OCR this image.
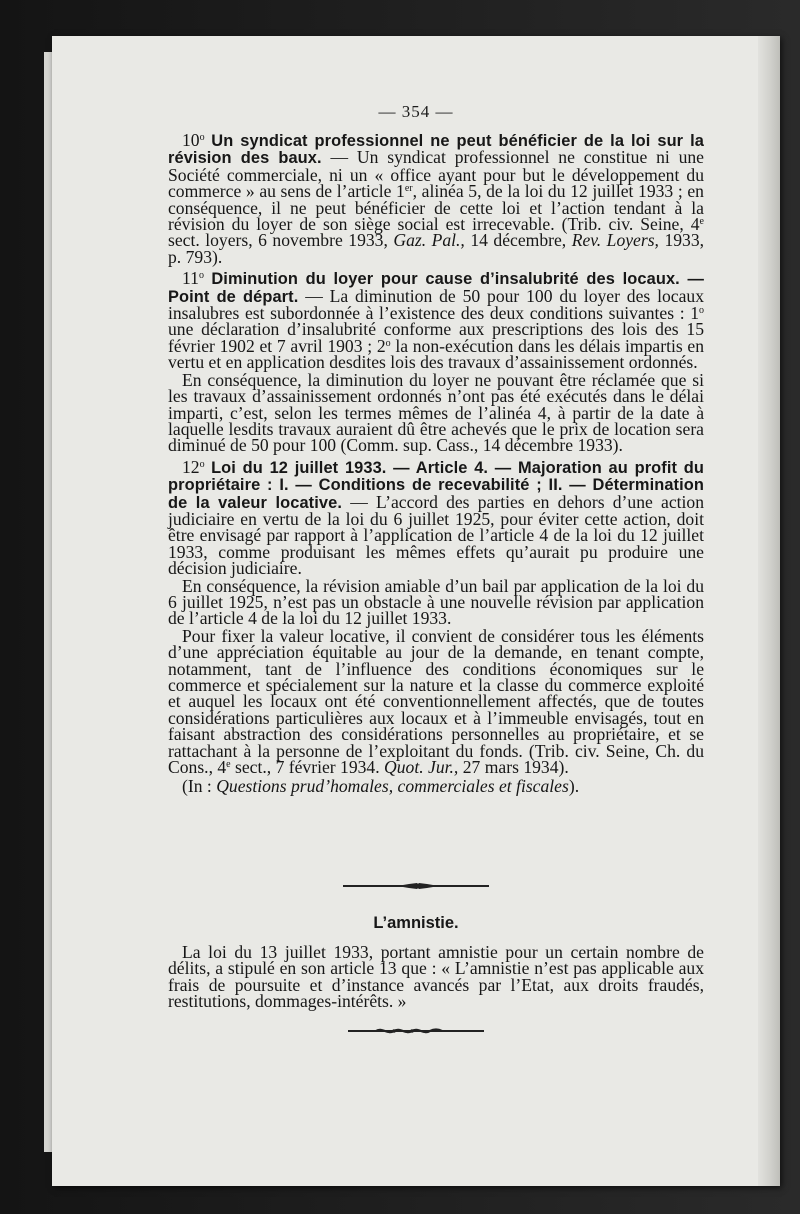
— 354 —

10$^o$ Un syndicat professionnel ne peut bénéficier de la loi sur la révision des baux. — Un syndicat professionnel ne constitue ni une Société commerciale, ni un « office ayant pour but le développement du commerce » au sens de l’article 1er, alinéa 5, de la loi du 12 juillet 1933 ; en conséquence, il ne peut bénéficier de cette loi et l’action tendant à la révision du loyer de son siège social est irrecevable. (Trib. civ. Seine, 4e sect. loyers, 6 novembre 1933, Gaz. Pal., 14 décembre, Rev. Loyers, 1933, p. 793).

11$^o$ Diminution du loyer pour cause d’insalubrité des locaux. — Point de départ. — La diminution de 50 pour 100 du loyer des locaux insalubres est subordonnée à l’existence des deux conditions suivantes : 1$^o$ une déclaration d’insalubrité conforme aux prescriptions des lois des 15 février 1902 et 7 avril 1903 ; 2$^o$ la non-exécution dans les délais impartis en vertu et en application desdites lois des travaux d’assainissement ordonnés.

En conséquence, la diminution du loyer ne pouvant être réclamée que si les travaux d’assainissement ordonnés n’ont pas été exécutés dans le délai imparti, c’est, selon les termes mêmes de l’alinéa 4, à partir de la date à laquelle lesdits travaux auraient dû être achevés que le prix de location sera diminué de 50 pour 100 (Comm. sup. Cass., 14 décembre 1933).

12$^o$ Loi du 12 juillet 1933. — Article 4. — Majoration au profit du propriétaire : I. — Conditions de recevabilité ; II. — Détermination de la valeur locative. — L’accord des parties en dehors d’une action judiciaire en vertu de la loi du 6 juillet 1925, pour éviter cette action, doit être envisagé par rapport à l’application de l’article 4 de la loi du 12 juillet 1933, comme produisant les mêmes effets qu’aurait pu produire une décision judiciaire.

En conséquence, la révision amiable d’un bail par application de la loi du 6 juillet 1925, n’est pas un obstacle à une nouvelle révision par application de l’article 4 de la loi du 12 juillet 1933.

Pour fixer la valeur locative, il convient de considérer tous les éléments d’une appréciation équitable au jour de la demande, en tenant compte, notamment, tant de l’influence des conditions économiques sur le commerce et spécialement sur la nature et la classe du commerce exploité et auquel les locaux ont été conventionnellement affectés, que de toutes considérations particulières aux locaux et à l’immeuble envisagés, tout en faisant abstraction des considérations personnelles au propriétaire, et se rattachant à la personne de l’exploitant du fonds. (Trib. civ. Seine, Ch. du Cons., 4e sect., 7 février 1934. Quot. Jur., 27 mars 1934).

(In : Questions prud’homales, commerciales et fiscales).

L’amnistie.

La loi du 13 juillet 1933, portant amnistie pour un certain nombre de délits, a stipulé en son article 13 que : « L’amnistie n’est pas applicable aux frais de poursuite et d’instance avancés par l’Etat, aux droits fraudés, restitutions, dommages-intérêts. »
